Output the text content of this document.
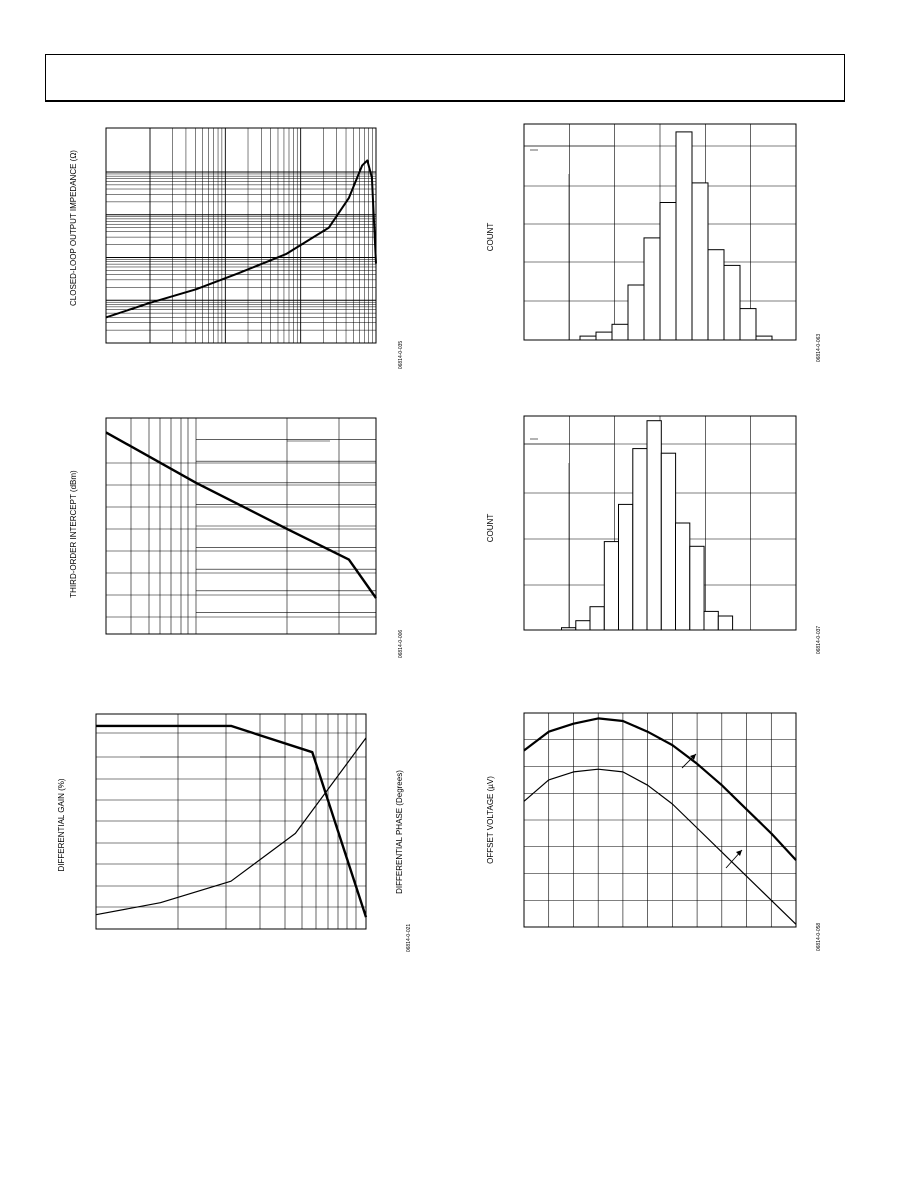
CLOSED-LOOP OUTPUT IMPEDANCE (Ω)
06814-0-035
THIRD-ORDER INTERCEPT (dBm)
06814-0-006
DIFFERENTIAL GAIN (%)	DIFFERENTIAL PHASE (Degrees)
06814-0-021
COUNT
06814-0-063
COUNT
06814-0-037
OFFSET VOLTAGE (µV)
06814-0-058
